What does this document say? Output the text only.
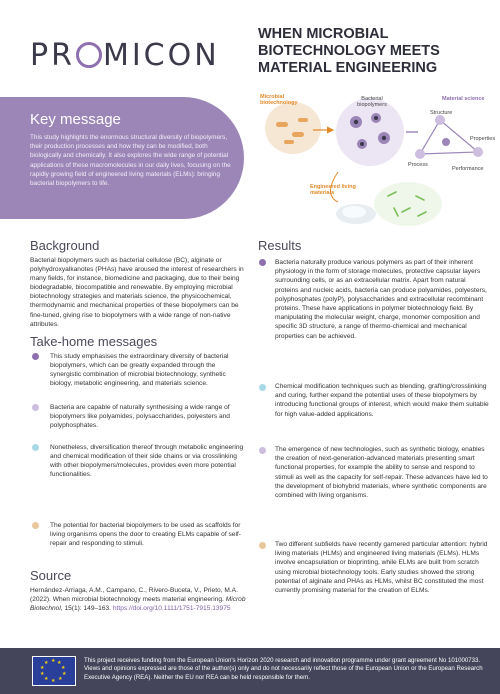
PR MICON
WHEN MICROBIAL BIOTECHNOLOGY MEETS MATERIAL ENGINEERING
Key message

This study highlights the enormous structural diversity of biopolymers, their production processes and how they can be modified, both biologically and chemically. It also explores the wide range of potential applications of these macromolecules in our daily lives, focusing on the rapidly growing field of engineered living materials (ELMs): bringing bacterial biopolymers to life.

Microbial biotechnology
Bacterial biopolymers
Material science
Structure
Properties
Process
Performance
Engineered living materials
Background

Bacterial biopolymers such as bacterial cellulose (BC), alginate or polyhydroxyalkanotes (PHAs) have aroused the interest of researchers in many fields, for instance, biomedicine and packaging, due to their being biodegradable, biocompatible and renewable. By employing microbial biotechnology strategies and materials science, the physicochemical, thermodynamic and mechanical properties of these biopolymers can be fine-tuned, giving rise to biopolymers with a wide range of non-native attributes.

Take-home messages

This study emphasises the extraordinary diversity of bacterial biopolymers, which can be greatly expanded through the synergistic combination of microbial biotechnology, synthetic biology, metabolic engineering, and materials science.

Bacteria are capable of naturally synthesising a wide range of biopolymers like polyamides, polysaccharides, polyesters and polyphosphates.

Nonetheless, diversification thereof through metabolic engineering and chemical modification of their side chains or via crosslinking with other biopolymers/molecules, provides even more potential functionalities.

The potential for bacterial biopolymers to be used as scaffolds for living organisms opens the door to creating ELMs capable of self-repair and responding to stimuli.

Source

Hernández-Arriaga, A.M., Campano, C., Rivero-Buceta, V., Prieto, M.A. (2022). When microbial biotechnology meets material engineering. Microb Biotechnol, 15(1): 149–163. https://doi.org/10.1111/1751-7915.13975

Results

Bacteria naturally produce various polymers as part of their inherent physiology in the form of storage molecules, protective capsular layers surrounding cells, or as an extracellular matrix. Apart from natural proteins and nucleic acids, bacteria can produce polyamides, polyesters, polyphosphates (polyP), polysaccharides and extracellular recombinant proteins. These have applications in polymer biotechnology field. By manipulating the molecular weight, charge, monomer composition and specific 3D structure, a range of thermo-chemical and mechanical properties can be achieved.

Chemical modification techniques such as blending, grafting/crosslinking and curing, further expand the potential uses of these biopolymers by introducing functional groups of interest, which would make them suitable for high value-added applications.

The emergence of new technologies, such as synthetic biology, enables the creation of next-generation-advanced materials presenting smart functional properties, for example the ability to sense and respond to stimuli as well as the capacity for self-repair. These advances have led to the development of biohybrid materials, where synthetic components are combined with living organisms.

Two different subfields have recently garnered particular attention: hybrid living materials (HLMs) and engineered living materials (ELMs). HLMs involve encapsulation or bioprinting, while ELMs are built from scratch using microbial biotechnology tools. Early studies showed the strong potential of alginate and PHAs as HLMs, whilst BC constituted the most currently promising material for the creation of ELMs.

★ ★
★
★
★
★
★
★
★
★	This project receives funding from the European Union's Horizon 2020 research and innovation programme under grant agreement No 101000733. Views and opinions expressed are those of the author(s) only and do not necessarily reflect those of the European Union or the European Research Executive Agency (REA). Neither the EU nor REA can be held responsible for them.
